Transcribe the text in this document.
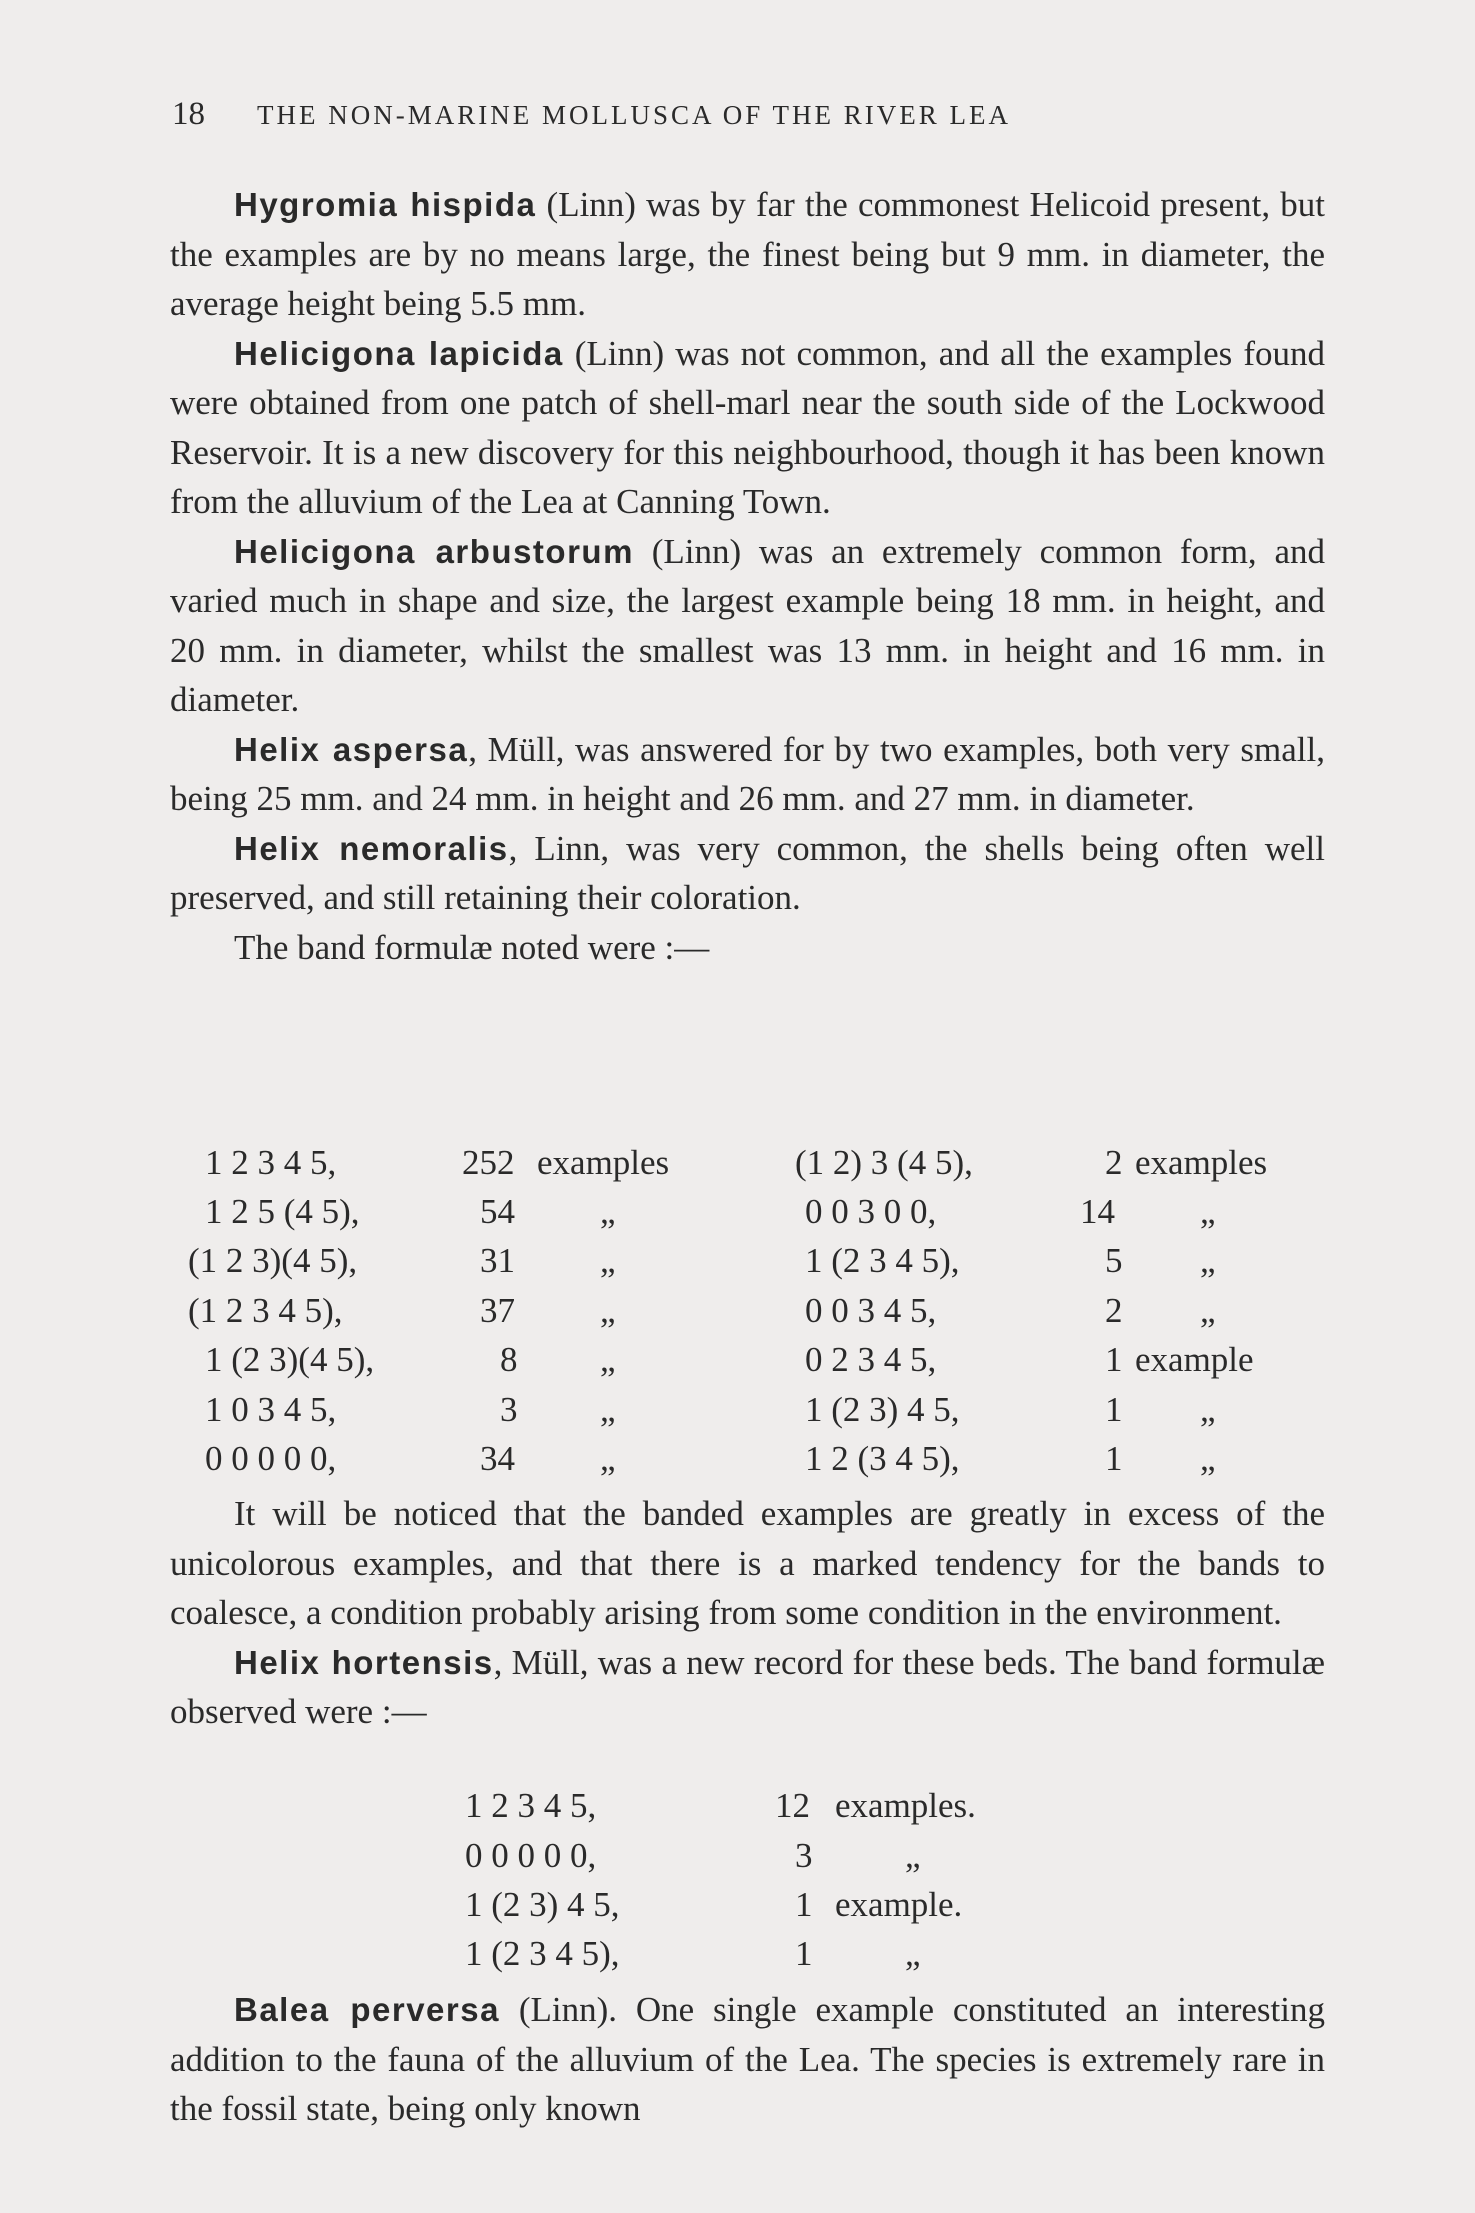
18 THE NON-MARINE MOLLUSCA OF THE RIVER LEA

Hygromia hispida (Linn) was by far the commonest Helicoid present, but the examples are by no means large, the finest being but 9 mm. in diameter, the average height being 5.5 mm.

Helicigona lapicida (Linn) was not common, and all the examples found were obtained from one patch of shell-marl near the south side of the Lockwood Reservoir. It is a new discovery for this neighbourhood, though it has been known from the alluvium of the Lea at Canning Town.

Helicigona arbustorum (Linn) was an extremely common form, and varied much in shape and size, the largest example being 18 mm. in height, and 20 mm. in diameter, whilst the smallest was 13 mm. in height and 16 mm. in diameter.

Helix aspersa, Müll, was answered for by two examples, both very small, being 25 mm. and 24 mm. in height and 26 mm. and 27 mm. in diameter.

Helix nemoralis, Linn, was very common, the shells being often well preserved, and still retaining their coloration.

The band formulæ noted were :—

1 2 3 4 5,	252 examples
1 2 5 (4 5),	54 „
(1 2 3)(4 5),	31 „
(1 2 3 4 5),	37 „
1 (2 3)(4 5),	8 „
1 0 3 4 5,	3 „
0 0 0 0 0,	34 „
(1 2) 3 (4 5),	2 examples
0 0 3 0 0,	14 „
1 (2 3 4 5),	5 „
0 0 3 4 5,	2 „
0 2 3 4 5,	1 example
1 (2 3) 4 5,	1 „
1 2 (3 4 5),	1 „

It will be noticed that the banded examples are greatly in excess of the unicolorous examples, and that there is a marked tendency for the bands to coalesce, a condition probably arising from some condition in the environment.

Helix hortensis, Müll, was a new record for these beds. The band formulæ observed were :—

1 2 3 4 5,	12 examples.
0 0 0 0 0,	3	„
1 (2 3) 4 5,	1 example.
1 (2 3 4 5),	1	„

Balea perversa (Linn). One single example constituted an interesting addition to the fauna of the alluvium of the Lea. The species is extremely rare in the fossil state, being only known
